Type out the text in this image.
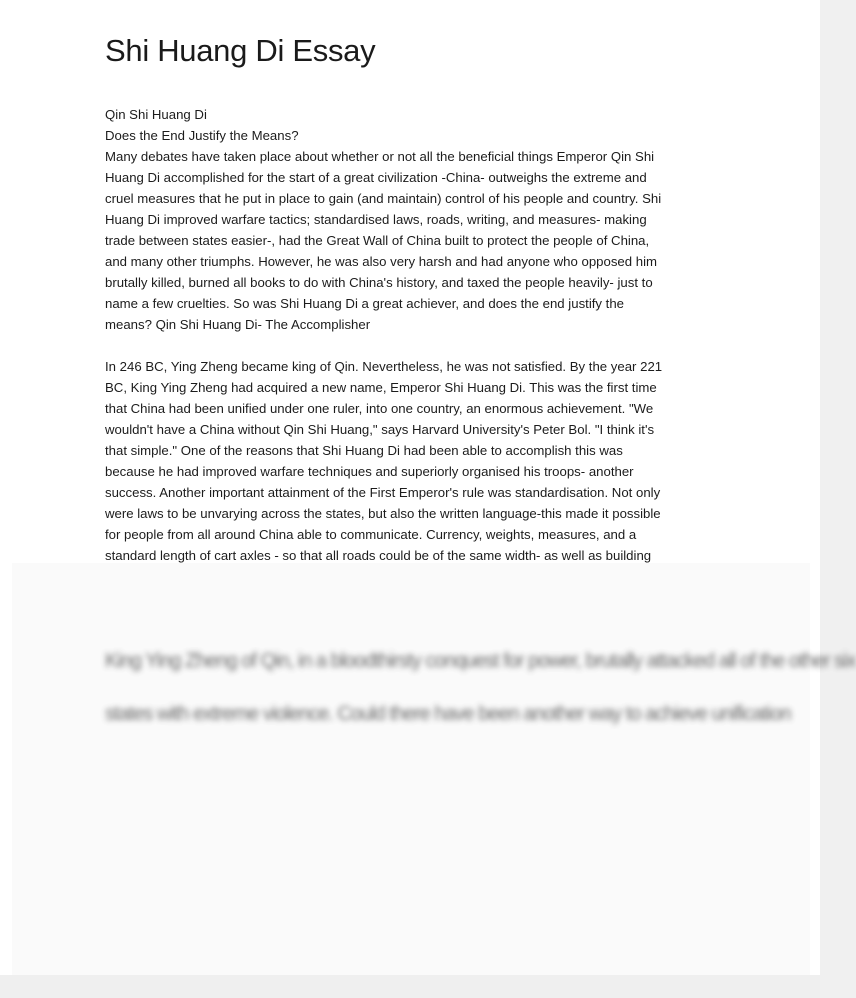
Shi Huang Di Essay
Qin Shi Huang Di
Does the End Justify the Means?
Many debates have taken place about whether or not all the beneficial things Emperor Qin Shi
Huang Di accomplished for the start of a great civilization -China- outweighs the extreme and
cruel measures that he put in place to gain (and maintain) control of his people and country. Shi
Huang Di improved warfare tactics; standardised laws, roads, writing, and measures- making
trade between states easier-, had the Great Wall of China built to protect the people of China,
and many other triumphs. However, he was also very harsh and had anyone who opposed him
brutally killed, burned all books to do with China's history, and taxed the people heavily- just to
name a few cruelties. So was Shi Huang Di a great achiever, and does the end justify the
means? Qin Shi Huang Di- The Accomplisher
In 246 BC, Ying Zheng became king of Qin. Nevertheless, he was not satisfied. By the year 221
BC, King Ying Zheng had acquired a new name, Emperor Shi Huang Di. This was the first time
that China had been unified under one ruler, into one country, an enormous achievement. "We
wouldn't have a China without Qin Shi Huang," says Harvard University's Peter Bol. "I think it's
that simple." One of the reasons that Shi Huang Di had been able to accomplish this was
because he had improved warfare techniques and superiorly organised his troops- another
success. Another important attainment of the First Emperor's rule was standardisation. Not only
were laws to be unvarying across the states, but also the written language-this made it possible
for people from all around China able to communicate. Currency, weights, measures, and a
standard length of cart axles - so that all roads could be of the same width- as well as building
King Ying Zheng of Qin, in a bloodthirsty conquest for power, brutally attacked all of the other six
states with extreme violence. Could there have been another way to achieve unification
